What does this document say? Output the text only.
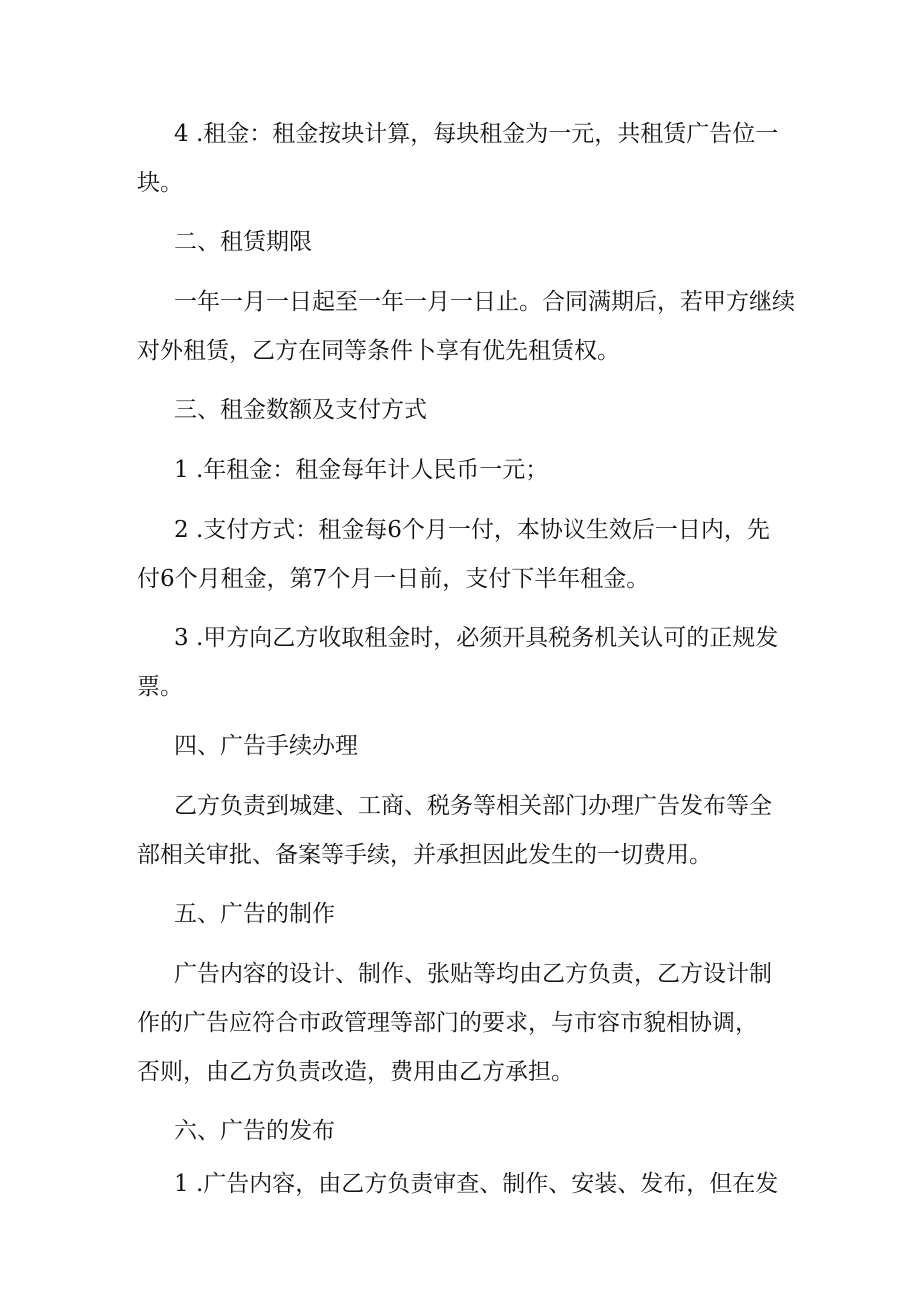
4 .租金：租金按块计算，每块租金为一元，共租赁广告位一
块。

二、租赁期限

一年一月一日起至一年一月一日止。合同满期后，若甲方继续
对外租赁，乙方在同等条件卜享有优先租赁权。

三、租金数额及支付方式

1 .年租金：租金每年计人民币一元；

2 .支付方式：租金每6个月一付，本协议生效后一日内，先
付6个月租金，第7个月一日前，支付下半年租金。

3 .甲方向乙方收取租金时，必须开具税务机关认可的正规发
票。

四、广告手续办理

乙方负责到城建、工商、税务等相关部门办理广告发布等全
部相关审批、备案等手续，并承担因此发生的一切费用。

五、广告的制作

广告内容的设计、制作、张贴等均由乙方负责，乙方设计制
作的广告应符合市政管理等部门的要求，与市容市貌相协调，
否则，由乙方负责改造，费用由乙方承担。

六、广告的发布

1 .广告内容，由乙方负责审查、制作、安装、发布，但在发
